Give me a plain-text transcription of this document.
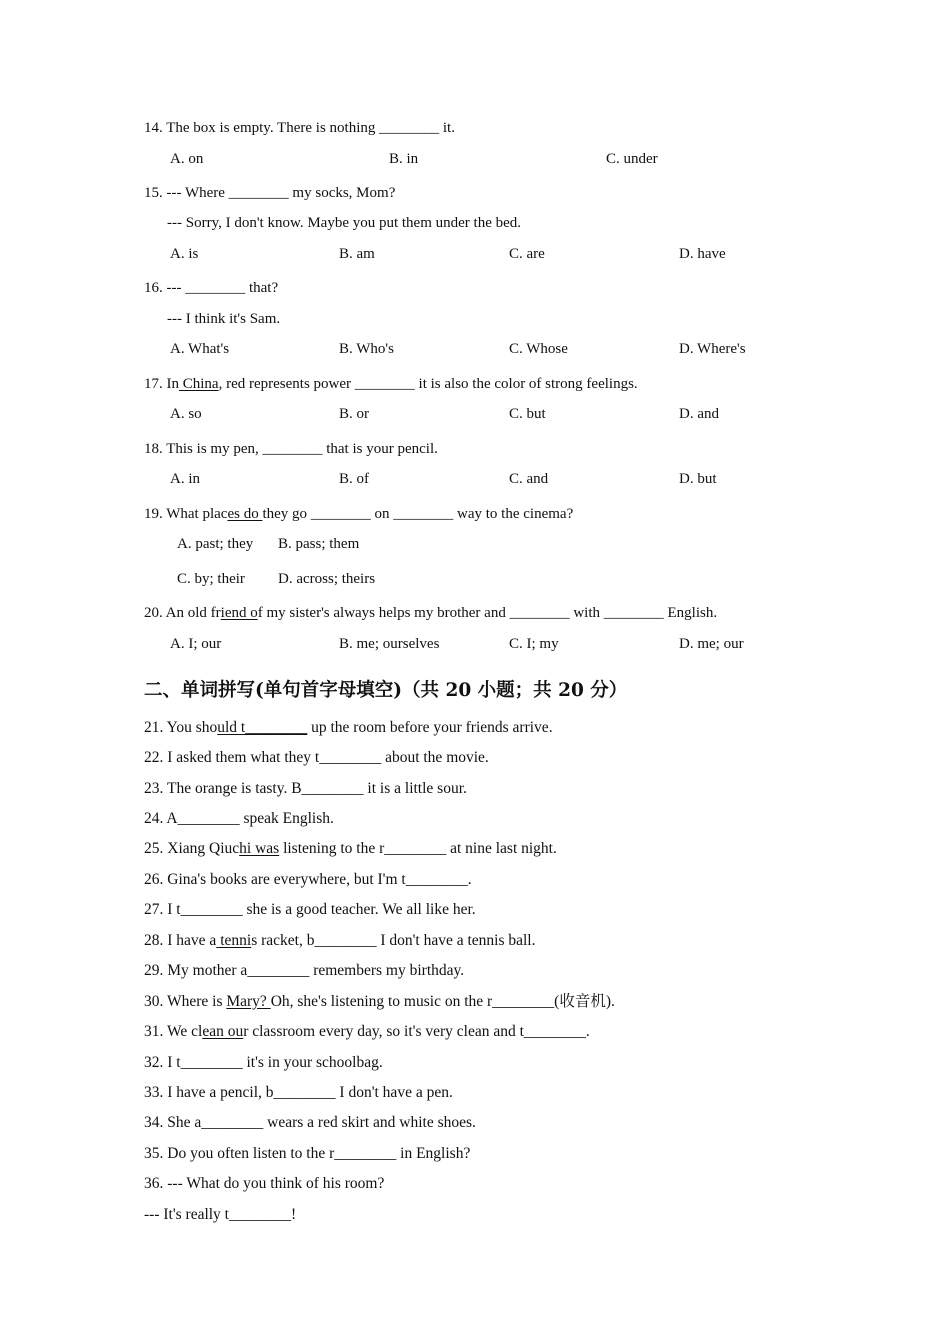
14. The box is empty. There is nothing ________ it.
A. on	B. in	C. under
15. --- Where ________ my socks, Mom?
--- Sorry, I don't know. Maybe you put them under the bed.
A. is	B. am	C. are	D. have
16. --- ________ that?
--- I think it's Sam.
A. What's	B. Who's	C. Whose	D. Where's
17. In China, red represents power ________ it is also the color of strong feelings.
A. so	B. or	C. but	D. and
18. This is my pen, ________ that is your pencil.
A. in	B. of	C. and	D. but
19. What places do they go ________ on ________ way to the cinema?
A. past; they B. pass; them
C. by; their D. across; theirs
20. An old friend of my sister's always helps my brother and ________ with ________ English.
A. I; our	B. me; ourselves	C. I; my	D. me; our
二、单词拼写(单句首字母填空)（共 20 小题；共 20 分）
21. You should t________ up the room before your friends arrive.
22. I asked them what they t________ about the movie.
23. The orange is tasty. B________ it is a little sour.
24. A________ speak English.
25. Xiang Qiuchi was listening to the r________ at nine last night.
26. Gina's books are everywhere, but I'm t________.
27. I t________ she is a good teacher. We all like her.
28. I have a tennis racket, b________ I don't have a tennis ball.
29. My mother a________ remembers my birthday.
30. Where is Mary? Oh, she's listening to music on the r________(收音机).
31. We clean our classroom every day, so it's very clean and t________.
32. I t________ it's in your schoolbag.
33. I have a pencil, b________ I don't have a pen.
34. She a________ wears a red skirt and white shoes.
35. Do you often listen to the r________ in English?
36. --- What do you think of his room?
--- It's really t________!
